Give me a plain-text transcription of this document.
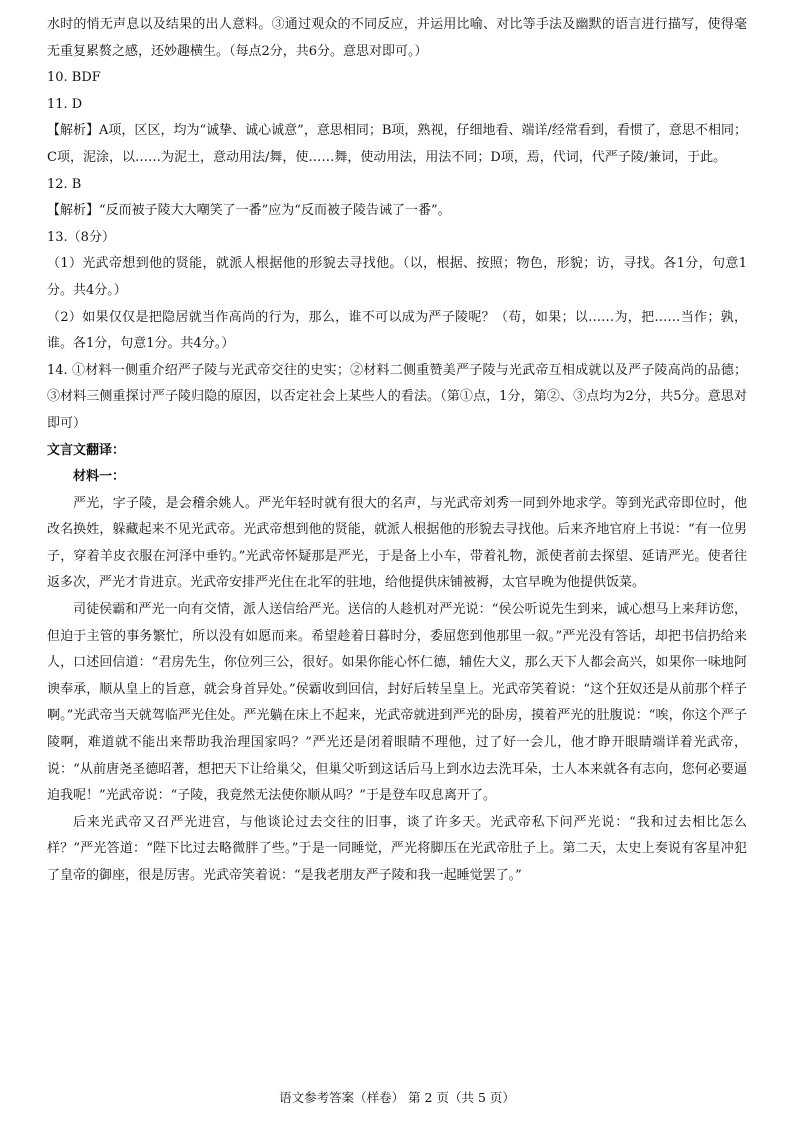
水时的悄无声息以及结果的出人意料。③通过观众的不同反应，并运用比喻、对比等手法及幽默的语言进行描写，使得毫无重复累赘之感，还妙趣横生。（每点2分，共6分。意思对即可。）

10. BDF

11. D

【解析】A项，区区，均为“诚挚、诚心诚意”，意思相同；B项，熟视，仔细地看、端详/经常看到，看惯了，意思不相同；C项，泥涂，以……为泥土，意动用法/舞，使……舞，使动用法，用法不同；D项，焉，代词，代严子陵/兼词，于此。

12. B

【解析】“反而被子陵大大嘲笑了一番”应为“反而被子陵告诫了一番”。

13.（8分）

（1）光武帝想到他的贤能，就派人根据他的形貌去寻找他。（以，根据、按照；物色，形貌；访，寻找。各1分，句意1分。共4分。）

（2）如果仅仅是把隐居就当作高尚的行为，那么，谁不可以成为严子陵呢？（苟，如果；以……为，把……当作；孰，谁。各1分，句意1分。共4分。）

14. ①材料一侧重介绍严子陵与光武帝交往的史实；②材料二侧重赞美严子陵与光武帝互相成就以及严子陵高尚的品德；③材料三侧重探讨严子陵归隐的原因，以否定社会上某些人的看法。（第①点，1分，第②、③点均为2分，共5分。意思对即可）

文言文翻译：

材料一：

严光，字子陵，是会稽余姚人。严光年轻时就有很大的名声，与光武帝刘秀一同到外地求学。等到光武帝即位时，他改名换姓，躲藏起来不见光武帝。光武帝想到他的贤能，就派人根据他的形貌去寻找他。后来齐地官府上书说：“有一位男子，穿着羊皮衣服在河泽中垂钓。”光武帝怀疑那是严光，于是备上小车，带着礼物，派使者前去探望、延请严光。使者往返多次，严光才肯进京。光武帝安排严光住在北军的驻地，给他提供床铺被褥，太官早晚为他提供饭菜。

司徒侯霸和严光一向有交情，派人送信给严光。送信的人趁机对严光说：“侯公听说先生到来，诚心想马上来拜访您，但迫于主管的事务繁忙，所以没有如愿而来。希望趁着日暮时分，委屈您到他那里一叙。”严光没有答话，却把书信扔给来人，口述回信道：“君房先生，你位列三公，很好。如果你能心怀仁德，辅佐大义，那么天下人都会高兴，如果你一味地阿谀奉承，顺从皇上的旨意，就会身首异处。”侯霸收到回信，封好后转呈皇上。光武帝笑着说：“这个狂奴还是从前那个样子啊。”光武帝当天就驾临严光住处。严光躺在床上不起来，光武帝就进到严光的卧房，摸着严光的肚腹说：“唉，你这个严子陵啊，难道就不能出来帮助我治理国家吗？”严光还是闭着眼睛不理他，过了好一会儿，他才睁开眼睛端详着光武帝，说：“从前唐尧圣德昭著，想把天下让给巢父，但巢父听到这话后马上到水边去洗耳朵，士人本来就各有志向，您何必要逼迫我呢！”光武帝说：“子陵，我竟然无法使你顺从吗？”于是登车叹息离开了。

后来光武帝又召严光进宫，与他谈论过去交往的旧事，谈了许多天。光武帝私下问严光说：“我和过去相比怎么样？”严光答道：“陛下比过去略微胖了些。”于是一同睡觉，严光将脚压在光武帝肚子上。第二天，太史上奏说有客星冲犯了皇帝的御座，很是厉害。光武帝笑着说：“是我老朋友严子陵和我一起睡觉罢了。”

语文参考答案（样卷） 第 2 页（共 5 页）
